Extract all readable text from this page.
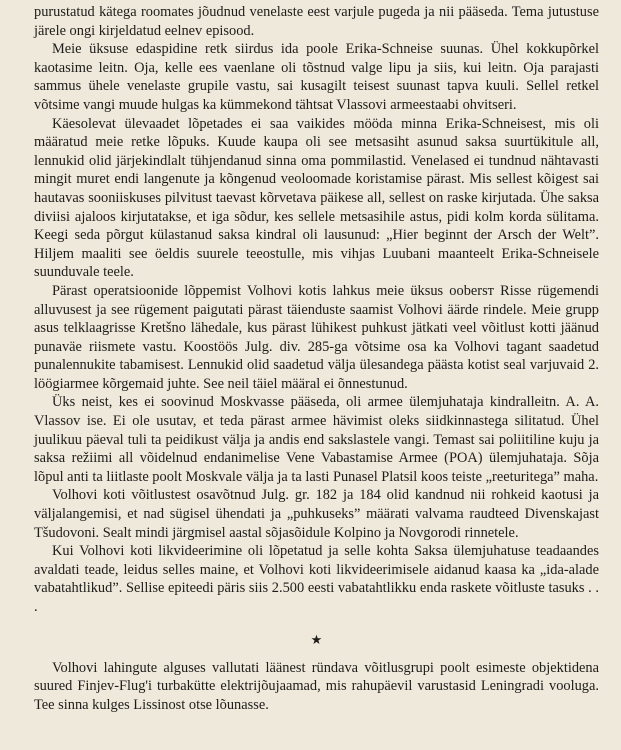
purustatud kätega roomates jõudnud venelaste eest varjule pugeda ja nii pääseda. Tema jutustuse järele ongi kirjeldatud eelnev episood.

Meie üksuse edaspidine retk siirdus ida poole Erika-Schneise suunas. Ühel kokkupõrkel kaotasime leitn. Oja, kelle ees vaenlane oli tõstnud valge lipu ja siis, kui leitn. Oja parajasti sammus ühele venelaste grupile vastu, sai kusagilt teisest suunast tapva kuuli. Sellel retkel võtsime vangi muude hulgas ka kümmekond tähtsat Vlassovi armeestaabi ohvitseri.

Käesolevat ülevaadet lõpetades ei saa vaikides mööda minna Erika-Schneisest, mis oli määratud meie retke lõpuks. Kuude kaupa oli see metsasiht asunud saksa suurtükitule all, lennukid olid järjekindlalt tühjendanud sinna oma pommilastid. Venelased ei tundnud nähtavasti mingit muret endi langenute ja kõngenud veoloomade koristamise pärast. Mis sellest kõigest sai hautavas sooniiskuses pilvitust taevast kõrvetava päikese all, sellest on raske kirjutada. Ühe saksa diviisi ajaloos kirjutatakse, et iga sõdur, kes sellele metsasihile astus, pidi kolm korda sülitama. Keegi seda põrgut külastanud saksa kindral oli lausunud: „Hier beginnt der Arsch der Welt”. Hiljem maaliti see öeldis suurele teeostulle, mis vihjas Luubani maanteelt Erika-Schneisele suunduvale teele.

Pärast operatsioonide lõppemist Volhovi kotis lahkus meie üksus oobersт Risse rügemendi alluvusest ja see rügement paigutati pärast täienduste saamist Volhovi äärde rindele. Meie grupp asus telklaagrisse Kretšno lähedale, kus pärast lühikest puhkust jätkati veel võitlust kotti jäänud punaväe riismete vastu. Koostöös Julg. div. 285-ga võtsime osa ka Volhovi tagant saadetud punalennukite tabamisest. Lennukid olid saadetud välja ülesandega päästa kotist seal varjuvaid 2. löögiarmee kõrgemaid juhte. See neil täiel määral ei õnnestunud.

Üks neist, kes ei soovinud Moskvasse pääseda, oli armee ülemjuhataja kindralleitn. A. A. Vlassov ise. Ei ole usutav, et teda pärast armee hävimist oleks siidkinnastega silitatud. Ühel juulikuu päeval tuli ta peidikust välja ja andis end sakslastele vangi. Temast sai poliitiline kuju ja saksa režiimi all võidelnud endanimelise Vene Vabastamise Armee (POA) ülemjuhatajа. Sõja lõpul anti ta liitlaste poolt Moskvale välja ja ta lasti Punasel Platsil koos teiste „reeturitega” maha.

Volhovi koti võitlustest osavõtnud Julg. gr. 182 ja 184 olid kandnud nii rohkeid kaotusi ja väljalangemisi, et nad sügisel ühendati ja „puhkuseks” määrati valvama raudteed Divenskajast Tšudovoni. Sealt mindi järgmisel aastal sõjasõidule Kolpino ja Novgorodi rinnetele.

Kui Volhovi koti likvideerimine oli lõpetatud ja selle kohta Saksa ülemjuhatuse teadaandes avaldati teade, leidus selles maine, et Volhovi koti likvideerimisele aidanud kaasa ka „ida-alade vabatahtlikud”. Sellise epiteedi päris siis 2.500 eesti vabatahtlikku enda raskete võitluste tasuks . . .

★

Volhovi lahingute alguses vallutati läänest ründava võitlusgrupi poolt esimeste objektidena suured Finjev-Flug'i turbaküttе elektrijõujaamad, mis rahupäevil varustasid Leningradi vooluga. Tee sinna kulges Lissinost otse lõunasse.
